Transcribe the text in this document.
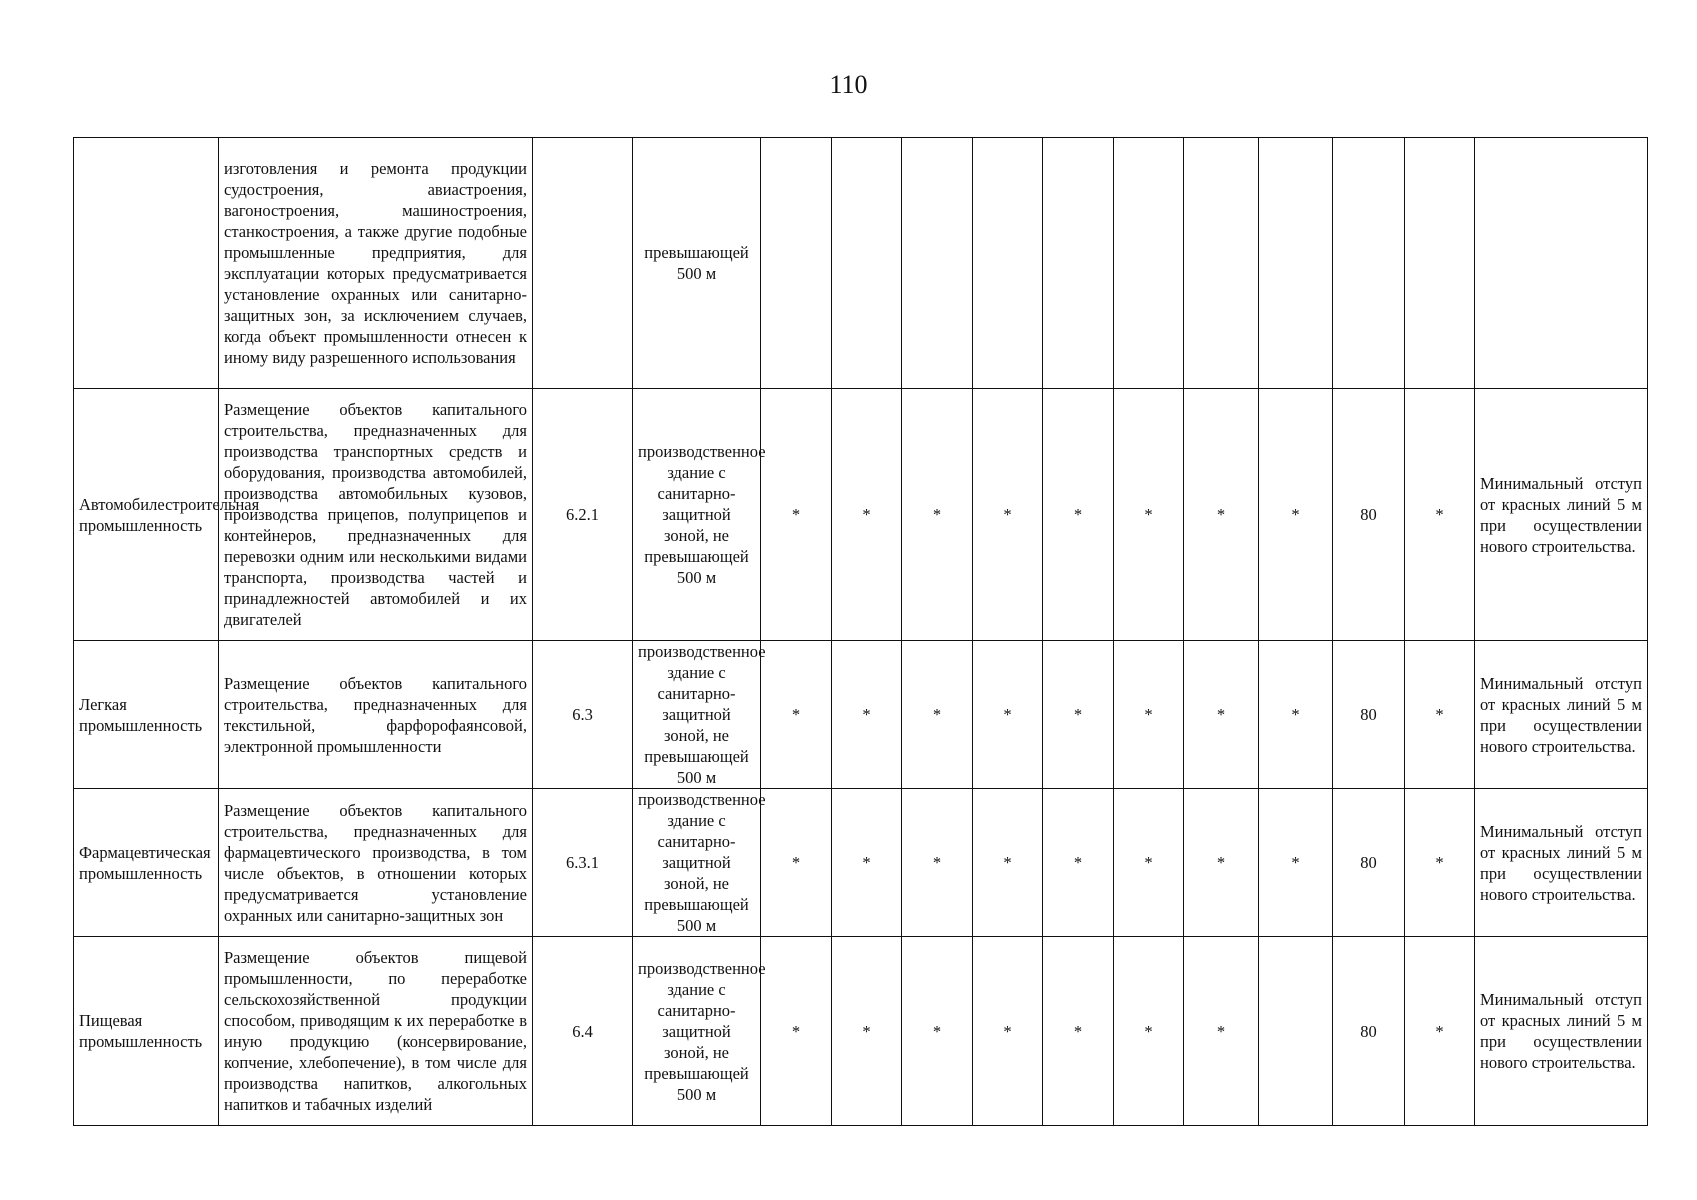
110
	изготовления и ремонта продукции судостроения, авиастроения, вагоностроения, машиностроения, станкостроения, а также другие подобные промышленные предприятия, для эксплуатации которых предусматривается установление охранных или санитарно-защитных зон, за исключением случаев, когда объект промышленности отнесен к иному виду разрешенного использования		превышающей 500 м											
Автомобилестроительная промышленность	Размещение объектов капитального строительства, предназначенных для производства транспортных средств и оборудования, производства автомобилей, производства автомобильных кузовов, производства прицепов, полуприцепов и контейнеров, предназначенных для перевозки одним или несколькими видами транспорта, производства частей и принадлежностей автомобилей и их двигателей	6.2.1	производственное здание с санитарно-защитной зоной, не превышающей 500 м	*	*	*	*	*	*	*	*	80	*	Минимальный отступ от красных линий 5 м при осуществлении нового строительства.
Легкая промышленность	Размещение объектов капитального строительства, предназначенных для текстильной, фарфорофаянсовой, электронной промышленности	6.3	производственное здание с санитарно-защитной зоной, не превышающей 500 м	*	*	*	*	*	*	*	*	80	*	Минимальный отступ от красных линий 5 м при осуществлении нового строительства.
Фармацевтическая промышленность	Размещение объектов капитального строительства, предназначенных для фармацевтического производства, в том числе объектов, в отношении которых предусматривается установление охранных или санитарно-защитных зон	6.3.1	производственное здание с санитарно-защитной зоной, не превышающей 500 м	*	*	*	*	*	*	*	*	80	*	Минимальный отступ от красных линий 5 м при осуществлении нового строительства.
Пищевая промышленность	Размещение объектов пищевой промышленности, по переработке сельскохозяйственной продукции способом, приводящим к их переработке в иную продукцию (консервирование, копчение, хлебопечение), в том числе для производства напитков, алкогольных напитков и табачных изделий	6.4	производственное здание с санитарно-защитной зоной, не превышающей 500 м	*	*	*	*	*	*	*		80	*	Минимальный отступ от красных линий 5 м при осуществлении нового строительства.
